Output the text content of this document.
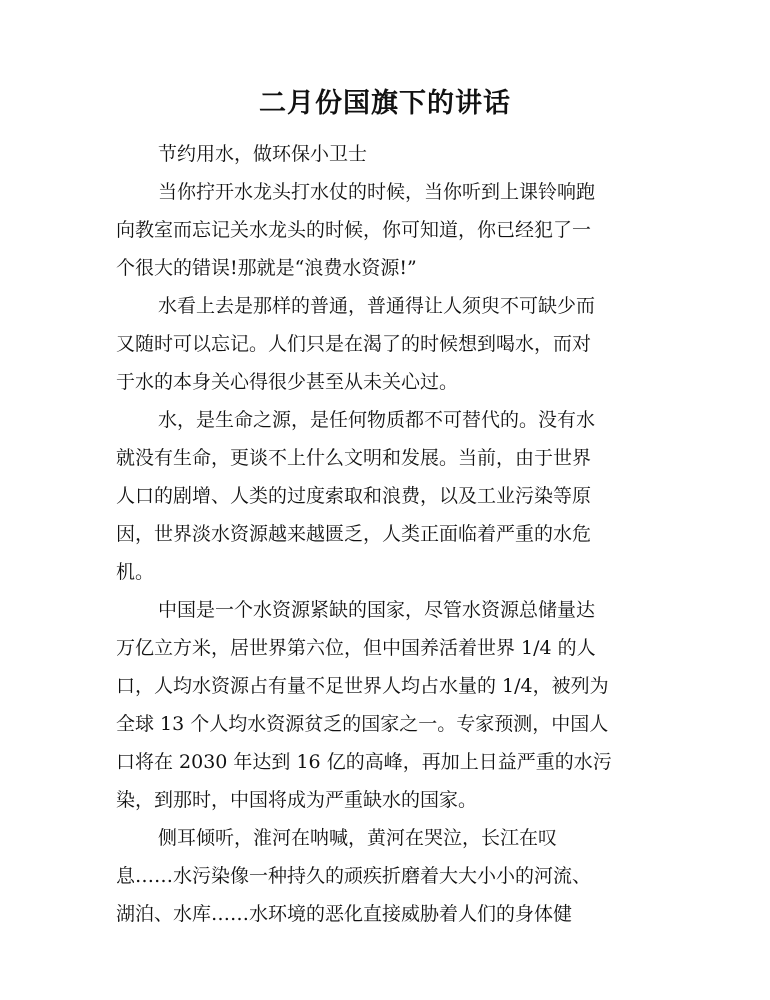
二月份国旗下的讲话

节约用水，做环保小卫士

当你拧开水龙头打水仗的时候，当你听到上课铃响跑

向教室而忘记关水龙头的时候，你可知道，你已经犯了一

个很大的错误!那就是“浪费水资源!”

水看上去是那样的普通，普通得让人须臾不可缺少而

又随时可以忘记。人们只是在渴了的时候想到喝水，而对

于水的本身关心得很少甚至从未关心过。

水，是生命之源，是任何物质都不可替代的。没有水

就没有生命，更谈不上什么文明和发展。当前，由于世界

人口的剧增、人类的过度索取和浪费，以及工业污染等原

因，世界淡水资源越来越匮乏，人类正面临着严重的水危

机。

中国是一个水资源紧缺的国家，尽管水资源总储量达

万亿立方米，居世界第六位，但中国养活着世界 1/4 的人

口，人均水资源占有量不足世界人均占水量的 1/4，被列为

全球 13 个人均水资源贫乏的国家之一。专家预测，中国人

口将在 2030 年达到 16 亿的高峰，再加上日益严重的水污

染，到那时，中国将成为严重缺水的国家。

侧耳倾听，淮河在呐喊，黄河在哭泣，长江在叹

息……水污染像一种持久的顽疾折磨着大大小小的河流、

湖泊、水库……水环境的恶化直接威胁着人们的身体健
